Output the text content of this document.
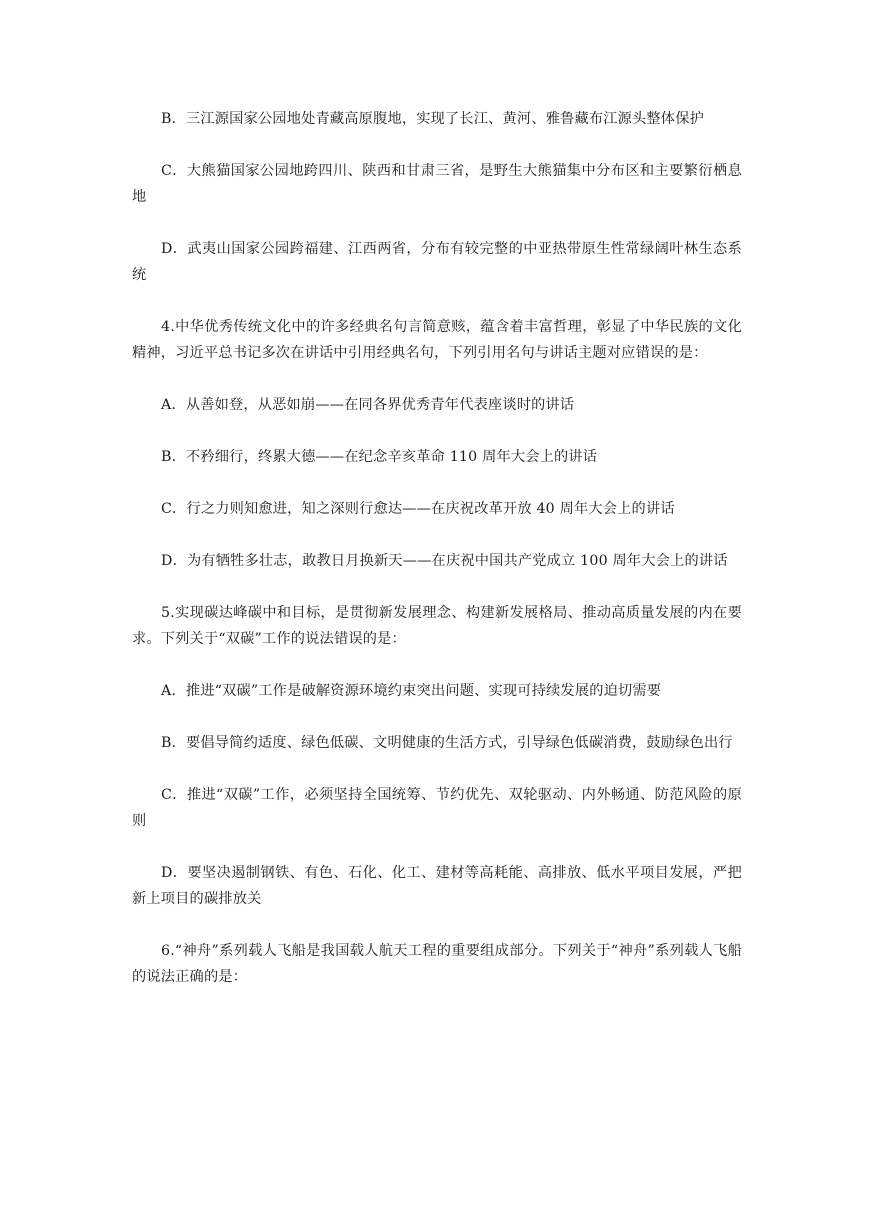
B．三江源国家公园地处青藏高原腹地，实现了长江、黄河、雅鲁藏布江源头整体保护

C．大熊猫国家公园地跨四川、陕西和甘肃三省，是野生大熊猫集中分布区和主要繁衍栖息地

D．武夷山国家公园跨福建、江西两省，分布有较完整的中亚热带原生性常绿阔叶林生态系统

4.中华优秀传统文化中的许多经典名句言简意赅，蕴含着丰富哲理，彰显了中华民族的文化精神，习近平总书记多次在讲话中引用经典名句，下列引用名句与讲话主题对应错误的是：

A．从善如登，从恶如崩——在同各界优秀青年代表座谈时的讲话

B．不矜细行，终累大德——在纪念辛亥革命 110 周年大会上的讲话

C．行之力则知愈进，知之深则行愈达——在庆祝改革开放 40 周年大会上的讲话

D．为有牺牲多壮志，敢教日月换新天——在庆祝中国共产党成立 100 周年大会上的讲话

5.实现碳达峰碳中和目标，是贯彻新发展理念、构建新发展格局、推动高质量发展的内在要求。下列关于“双碳”工作的说法错误的是：

A．推进“双碳”工作是破解资源环境约束突出问题、实现可持续发展的迫切需要

B．要倡导简约适度、绿色低碳、文明健康的生活方式，引导绿色低碳消费，鼓励绿色出行

C．推进“双碳”工作，必须坚持全国统筹、节约优先、双轮驱动、内外畅通、防范风险的原则

D．要坚决遏制钢铁、有色、石化、化工、建材等高耗能、高排放、低水平项目发展，严把新上项目的碳排放关

6.“神舟”系列载人飞船是我国载人航天工程的重要组成部分。下列关于“神舟”系列载人飞船的说法正确的是：
